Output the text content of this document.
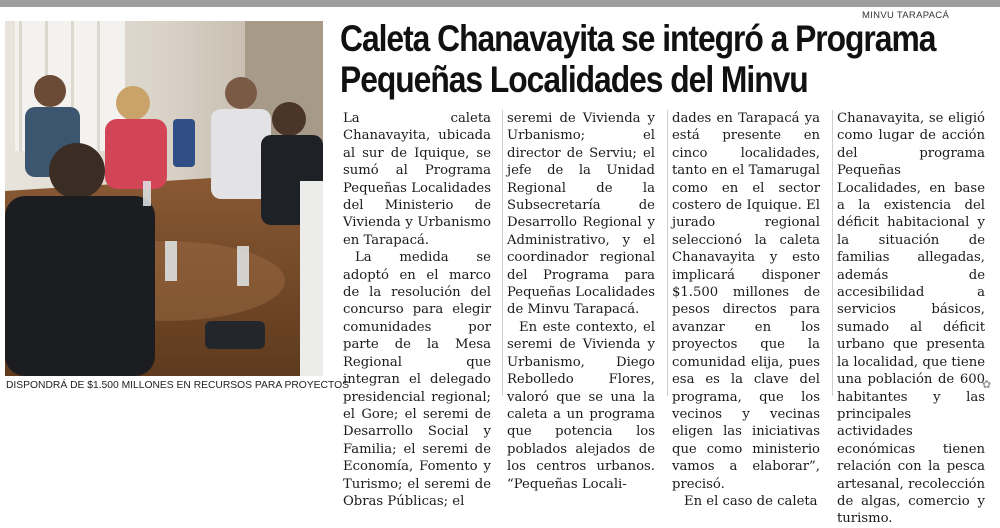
MINVU TARAPACÁ
DISPONDRÁ DE $1.500 MILLONES EN RECURSOS PARA PROYECTOS
Caleta Chanavayita se integró a Programa
Pequeñas Localidades del Minvu

La caleta Chanavayita, ubicada al sur de Iquique, se sumó al Programa Pequeñas Localidades del Ministerio de Vivienda y Urbanismo en Tarapacá.

La medida se adoptó en el marco de la resolución del concurso para elegir comunidades por parte de la Mesa Regional que integran el delegado presidencial regional; el Gore; el seremi de Desarrollo Social y Familia; el seremi de Economía, Fomento y Turismo; el seremi de Obras Públicas; el

seremi de Vivienda y Urbanismo; el director de Serviu; el jefe de la Unidad Regional de la Subsecretaría de Desarrollo Regional y Administrativo, y el coordinador regional del Programa para Pequeñas Localidades de Minvu Tarapacá.

En este contexto, el seremi de Vivienda y Urbanismo, Diego Rebolledo Flores, valoró que se una la caleta a un programa que potencia los poblados alejados de los centros urbanos. “Pequeñas Locali-

dades en Tarapacá ya está presente en cinco localidades, tanto en el Tamarugal como en el sector costero de Iquique. El jurado regional seleccionó la caleta Chanavayita y esto implicará disponer $1.500 millones de pesos directos para avanzar en los proyectos que la comunidad elija, pues esa es la clave del programa, que los vecinos y vecinas eligen las iniciativas que como ministerio vamos a elaborar”, precisó.

En el caso de caleta

Chanavayita, se eligió como lugar de acción del programa Pequeñas Localidades, en base a la existencia del déficit habitacional y la situación de familias allegadas, además de accesibilidad a servicios básicos, sumado al déficit urbano que presenta la localidad, que tiene una población de 600 habitantes y las principales actividades económicas tienen relación con la pesca artesanal, recolección de algas, comercio y turismo.

✿
